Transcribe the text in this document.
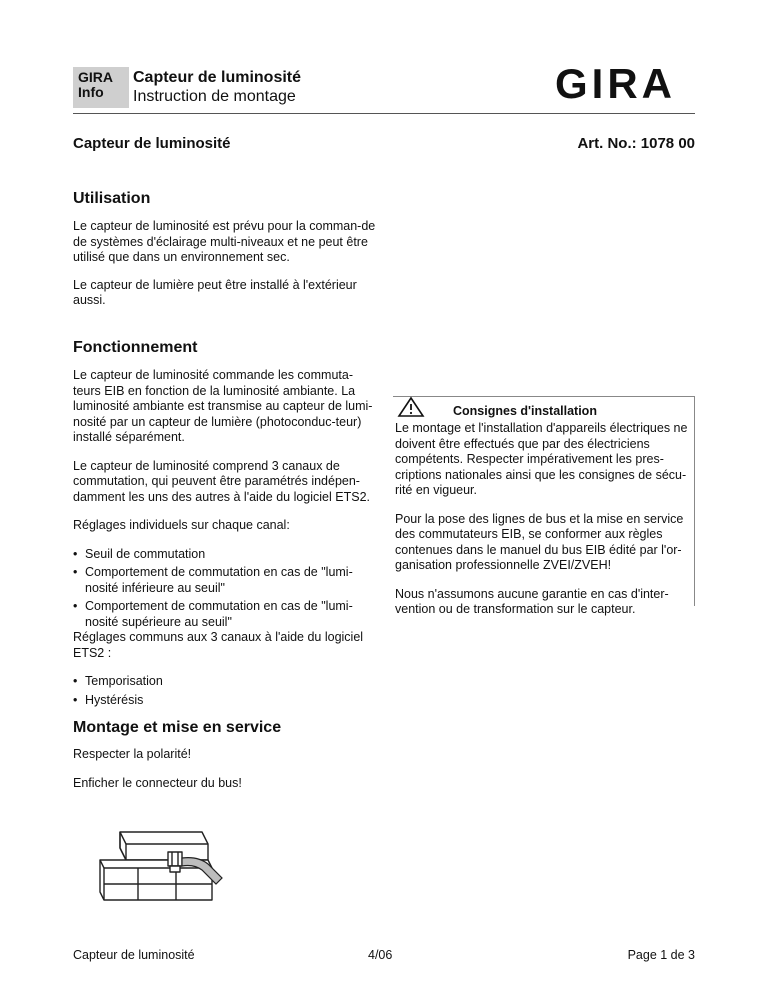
GIRA
Info
Capteur de luminosité
Instruction de montage	GIRA
Capteur de luminosité	Art. No.: 1078 00
Utilisation

Le capteur de luminosité est prévu pour la comman-de de systèmes d'éclairage multi-niveaux et ne peut être utilisé que dans un environnement sec.

Le capteur de lumière peut être installé à l'extérieur aussi.

Fonctionnement

Le capteur de luminosité commande les commuta-teurs EIB en fonction de la luminosité ambiante. La luminosité ambiante est transmise au capteur de lumi-nosité par un capteur de lumière (photoconduc-teur) installé séparément.

Le capteur de luminosité comprend 3 canaux de commutation, qui peuvent être paramétrés indépen-damment les uns des autres à l'aide du logiciel ETS2.

Réglages individuels sur chaque canal:

• Seuil de commutation
• Comportement de commutation en cas de "lumi-nosité inférieure au seuil"
• Comportement de commutation en cas de "lumi-nosité supérieure au seuil"

Réglages communs aux 3 canaux à l'aide du logiciel ETS2 :

• Temporisation
• Hystérésis
Consignes d'installation

Le montage et l'installation d'appareils électriques ne doivent être effectués que par des électriciens compétents. Respecter impérativement les pres-criptions nationales ainsi que les consignes de sécu-rité en vigueur.

Pour la pose des lignes de bus et la mise en service des commutateurs EIB, se conformer aux règles contenues dans le manuel du bus EIB édité par l'or-ganisation professionnelle ZVEI/ZVEH!

Nous n'assumons aucune garantie en cas d'inter-vention ou de transformation sur le capteur.

Montage et mise en service

Respecter la polarité!

Enficher le connecteur du bus!

Capteur de luminosité	4/06	Page 1 de 3
